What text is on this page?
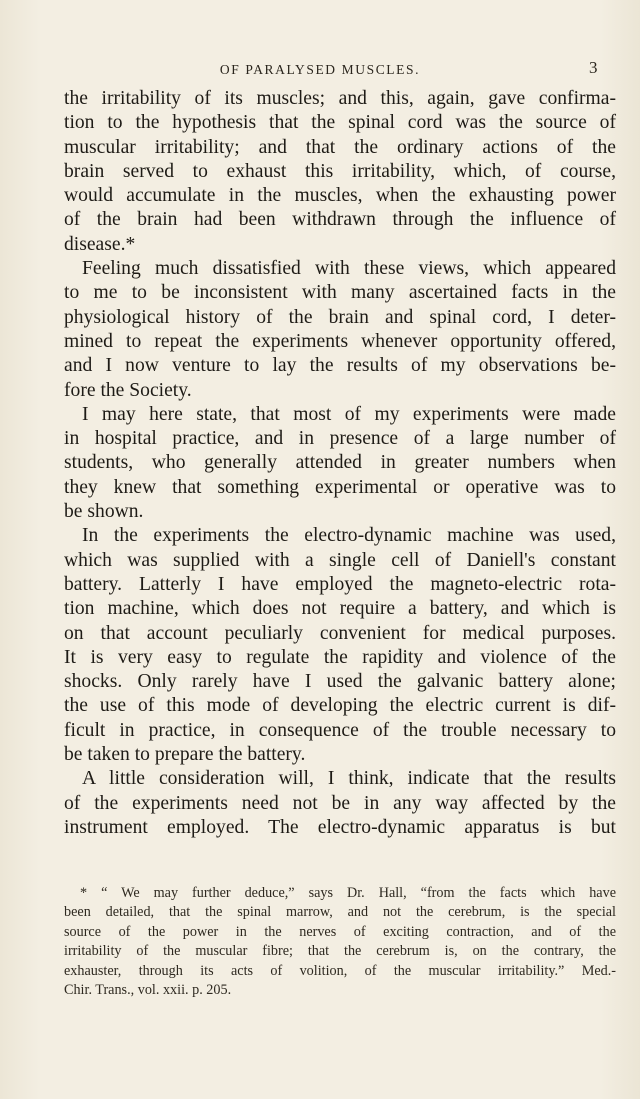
OF PARALYSED MUSCLES.	3
the irritability of its muscles; and this, again, gave confirma-
tion to the hypothesis that the spinal cord was the source of
muscular irritability; and that the ordinary actions of the
brain served to exhaust this irritability, which, of course,
would accumulate in the muscles, when the exhausting power
of the brain had been withdrawn through the influence of
disease.*
Feeling much dissatisfied with these views, which appeared
to me to be inconsistent with many ascertained facts in the
physiological history of the brain and spinal cord, I deter-
mined to repeat the experiments whenever opportunity offered,
and I now venture to lay the results of my observations be-
fore the Society.
I may here state, that most of my experiments were made
in hospital practice, and in presence of a large number of
students, who generally attended in greater numbers when
they knew that something experimental or operative was to
be shown.
In the experiments the electro-dynamic machine was used,
which was supplied with a single cell of Daniell's constant
battery. Latterly I have employed the magneto-electric rota-
tion machine, which does not require a battery, and which is
on that account peculiarly convenient for medical purposes.
It is very easy to regulate the rapidity and violence of the
shocks. Only rarely have I used the galvanic battery alone;
the use of this mode of developing the electric current is dif-
ficult in practice, in consequence of the trouble necessary to
be taken to prepare the battery.
A little consideration will, I think, indicate that the results
of the experiments need not be in any way affected by the
instrument employed. The electro-dynamic apparatus is but
* “ We may further deduce,” says Dr. Hall, “from the facts which have
been detailed, that the spinal marrow, and not the cerebrum, is the special
source of the power in the nerves of exciting contraction, and of the
irritability of the muscular fibre; that the cerebrum is, on the contrary, the
exhauster, through its acts of volition, of the muscular irritability.” Med.-
Chir. Trans., vol. xxii. p. 205.
